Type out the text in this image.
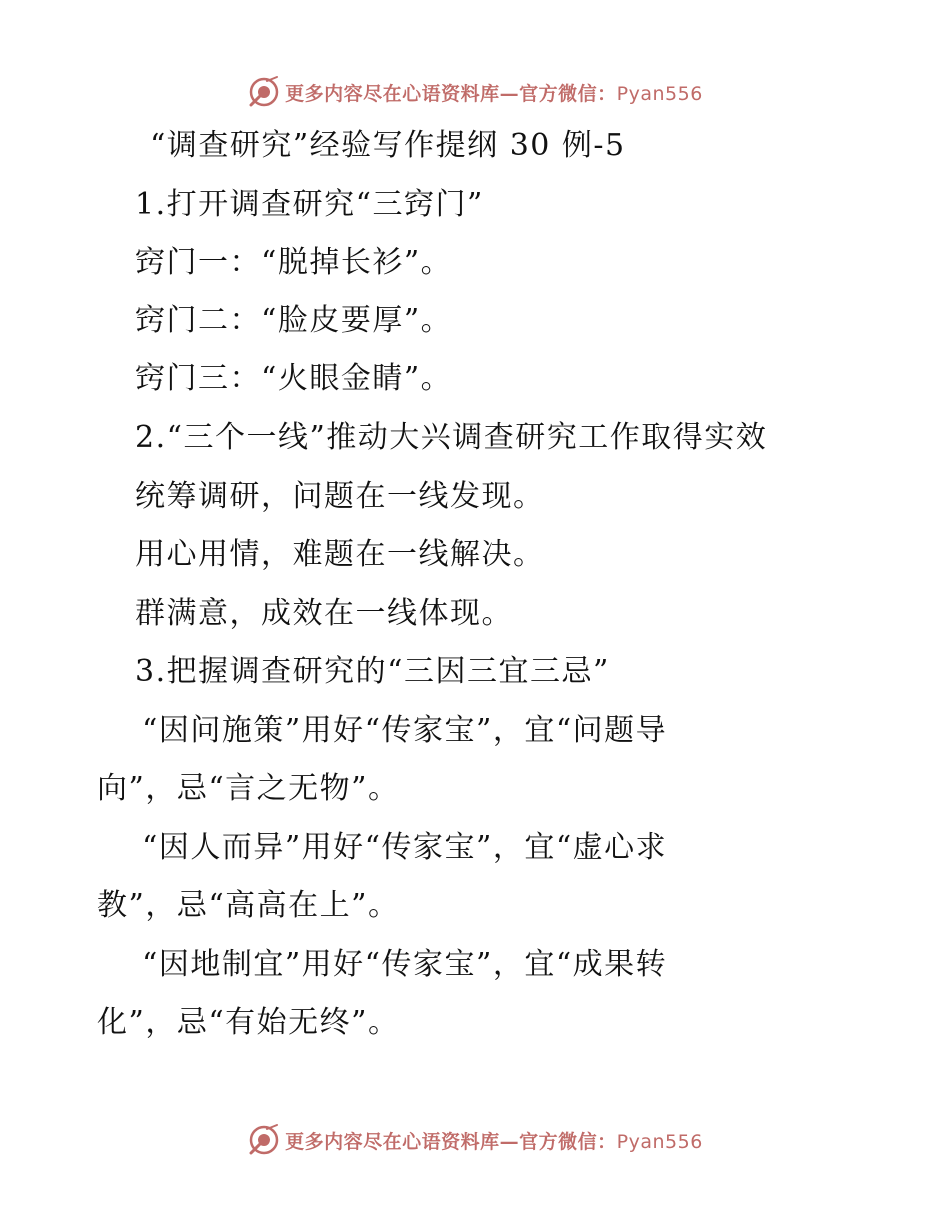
更多内容尽在心语资料库—官方微信：Pyan556
“调查研究”经验写作提纲 30 例-5
1.打开调查研究“三窍门”
窍门一：“脱掉长衫”。
窍门二：“脸皮要厚”。
窍门三：“火眼金睛”。
2.“三个一线”推动大兴调查研究工作取得实效
统筹调研，问题在一线发现。
用心用情，难题在一线解决。
群满意，成效在一线体现。
3.把握调查研究的“三因三宜三忌”
“因问施策”用好“传家宝”，宜“问题导
向”，忌“言之无物”。
“因人而异”用好“传家宝”，宜“虚心求
教”，忌“高高在上”。
“因地制宜”用好“传家宝”，宜“成果转
化”，忌“有始无终”。
更多内容尽在心语资料库—官方微信：Pyan556
